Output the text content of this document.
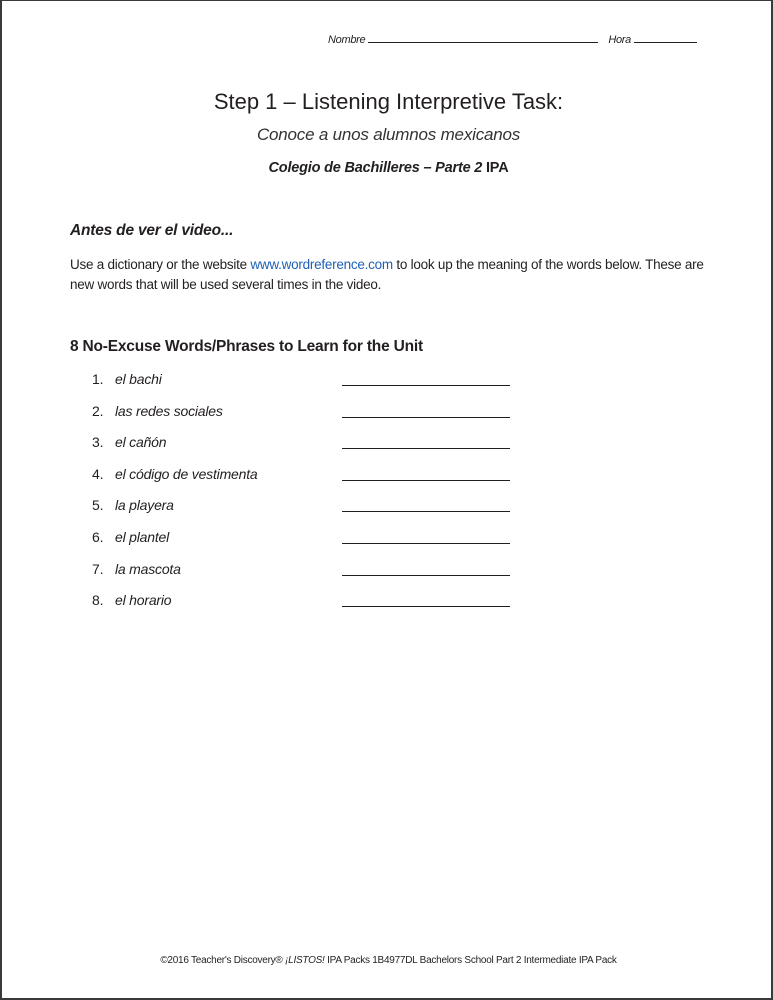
Nombre	Hora
Step 1 – Listening Interpretive Task:
Conoce a unos alumnos mexicanos
Colegio de Bachilleres – Parte 2 IPA
Antes de ver el video...
Use a dictionary or the website www.wordreference.com to look up the meaning of the words below. These are new words that will be used several times in the video.
8 No-Excuse Words/Phrases to Learn for the Unit
1. el bachi
2. las redes sociales
3. el cañón
4. el código de vestimenta
5. la playera
6. el plantel
7. la mascota
8. el horario
©2016 Teacher's Discovery® ¡LISTOS! IPA Packs 1B4977DL Bachelors School Part 2 Intermediate IPA Pack
